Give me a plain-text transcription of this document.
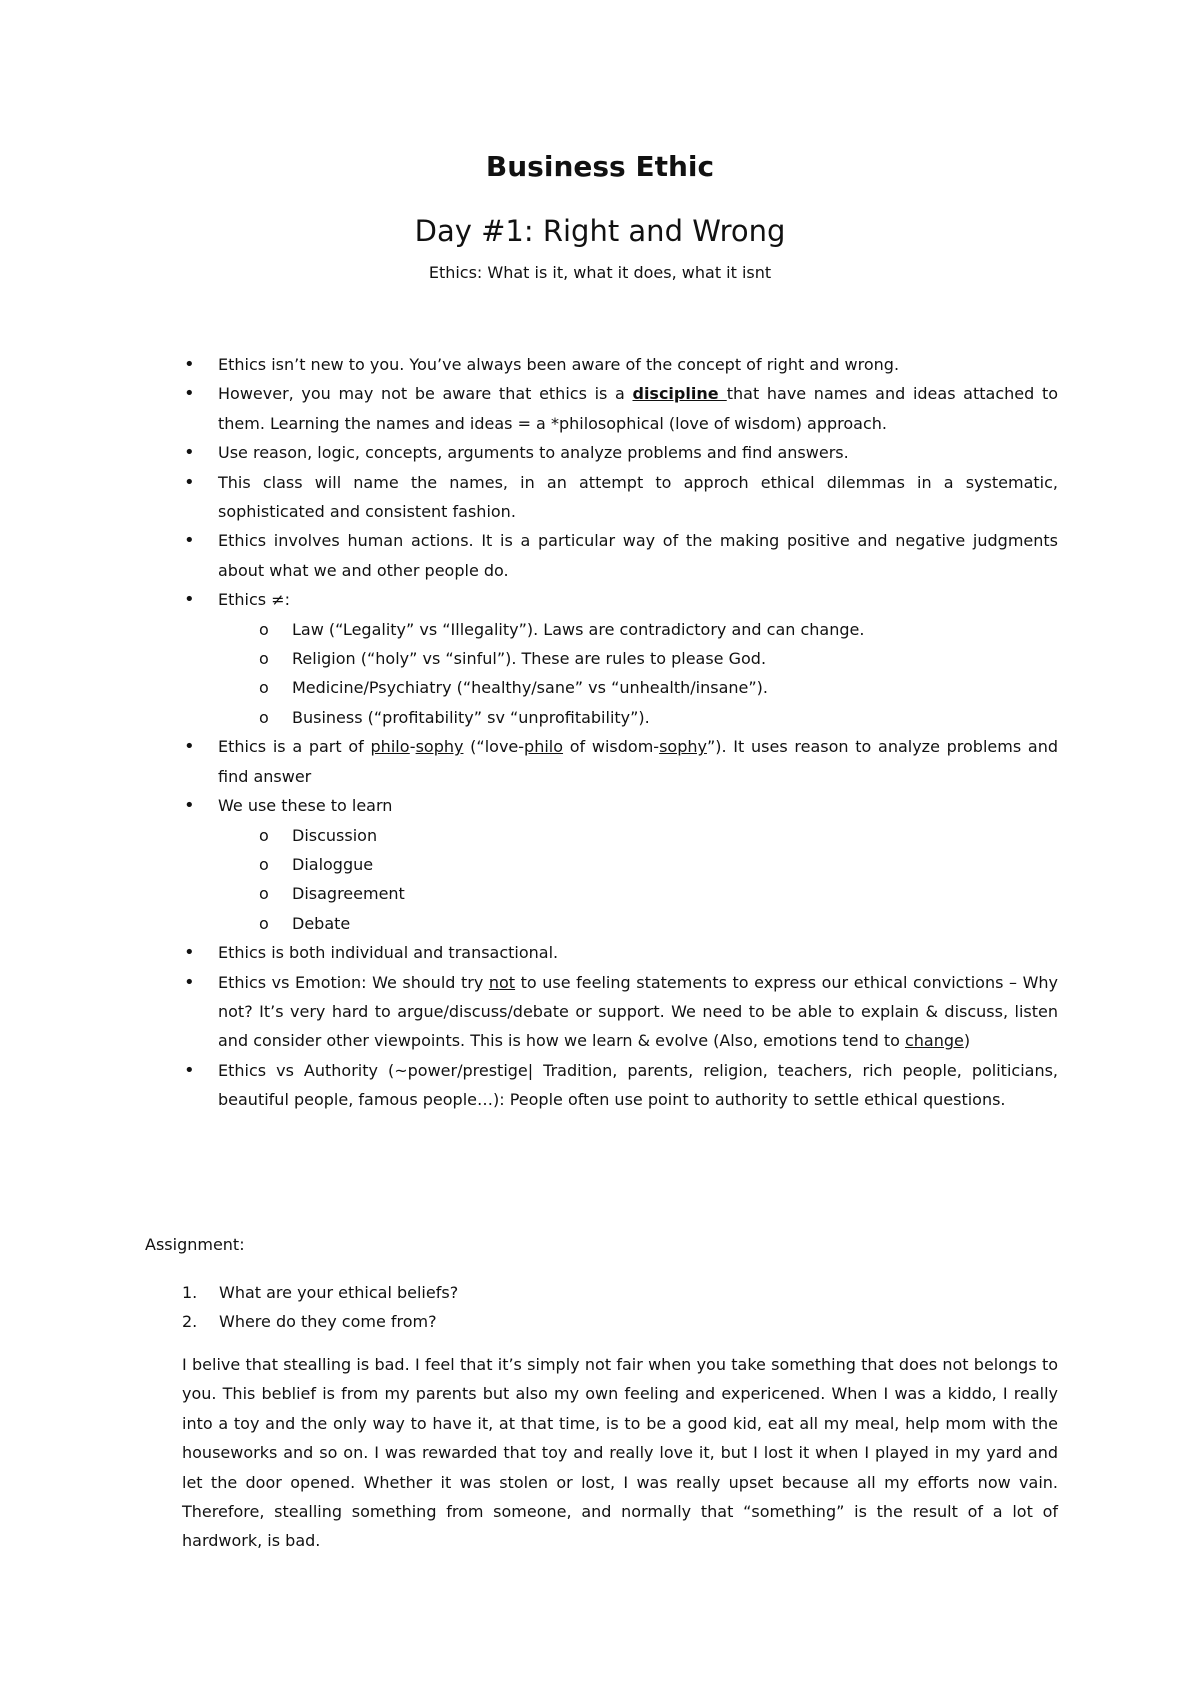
Business Ethic
Day #1: Right and Wrong
Ethics: What is it, what it does, what it isnt
• Ethics isn’t new to you. You’ve always been aware of the concept of right and wrong.
• However, you may not be aware that ethics is a discipline that have names and ideas attached to them. Learning the names and ideas = a *philosophical (love of wisdom) approach.
• Use reason, logic, concepts, arguments to analyze problems and find answers.
• This class will name the names, in an attempt to approch ethical dilemmas in a systematic, sophisticated and consistent fashion.
• Ethics involves human actions. It is a particular way of the making positive and negative judgments about what we and other people do.
• Ethics ≠:
o Law (“Legality” vs “Illegality”). Laws are contradictory and can change.
o Religion (“holy” vs “sinful”). These are rules to please God.
o Medicine/Psychiatry (“healthy/sane” vs “unhealth/insane”).
o Business (“profitability” sv “unprofitability”).
• Ethics is a part of philo-sophy (“love-philo of wisdom-sophy”). It uses reason to analyze problems and find answer
• We use these to learn
o Discussion
o Dialoggue
o Disagreement
o Debate
• Ethics is both individual and transactional.
• Ethics vs Emotion: We should try not to use feeling statements to express our ethical convictions – Why not? It’s very hard to argue/discuss/debate or support. We need to be able to explain & discuss, listen and consider other viewpoints. This is how we learn & evolve (Also, emotions tend to change)
• Ethics vs Authority (~power/prestige| Tradition, parents, religion, teachers, rich people, politicians, beautiful people, famous people…): People often use point to authority to settle ethical questions.
Assignment:
1. What are your ethical beliefs?
2. Where do they come from?
I belive that stealling is bad. I feel that it’s simply not fair when you take something that does not belongs to you. This beblief is from my parents but also my own feeling and expericened. When I was a kiddo, I really into a toy and the only way to have it, at that time, is to be a good kid, eat all my meal, help mom with the houseworks and so on. I was rewarded that toy and really love it, but I lost it when I played in my yard and let the door opened. Whether it was stolen or lost, I was really upset because all my efforts now vain. Therefore, stealling something from someone, and normally that “something” is the result of a lot of hardwork, is bad.
